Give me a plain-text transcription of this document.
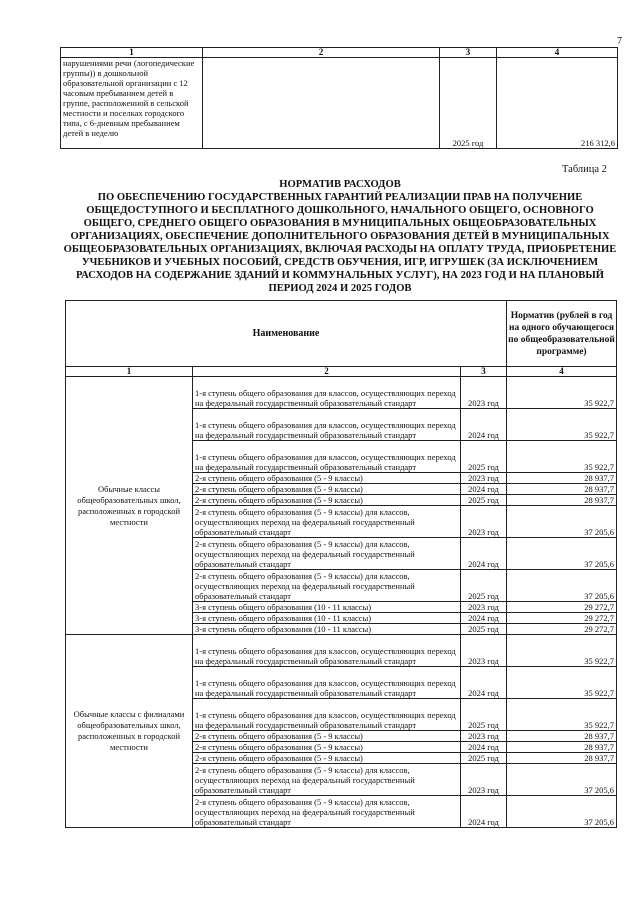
7
1	2	3	4
нарушениями речи (логопедические группы)) в дошкольной образовательной организации с 12 часовым пребыванием детей в группе, расположенной в сельской местности и поселках городского типа, с 6-дневным пребыванием детей в неделю		2025 год	216 312,6
Таблица 2
НОРМАТИВ РАСХОДОВ
ПО ОБЕСПЕЧЕНИЮ ГОСУДАРСТВЕННЫХ ГАРАНТИЙ РЕАЛИЗАЦИИ ПРАВ НА ПОЛУЧЕНИЕ ОБЩЕДОСТУПНОГО И БЕСПЛАТНОГО ДОШКОЛЬНОГО, НАЧАЛЬНОГО ОБЩЕГО, ОСНОВНОГО ОБЩЕГО, СРЕДНЕГО ОБЩЕГО ОБРАЗОВАНИЯ В МУНИЦИПАЛЬНЫХ ОБЩЕОБРАЗОВАТЕЛЬНЫХ ОРГАНИЗАЦИЯХ, ОБЕСПЕЧЕНИЕ ДОПОЛНИТЕЛЬНОГО ОБРАЗОВАНИЯ ДЕТЕЙ В МУНИЦИПАЛЬНЫХ ОБЩЕОБРАЗОВАТЕЛЬНЫХ ОРГАНИЗАЦИЯХ, ВКЛЮЧАЯ РАСХОДЫ НА ОПЛАТУ ТРУДА, ПРИОБРЕТЕНИЕ УЧЕБНИКОВ И УЧЕБНЫХ ПОСОБИЙ, СРЕДСТВ ОБУЧЕНИЯ, ИГР, ИГРУШЕК (ЗА ИСКЛЮЧЕНИЕМ РАСХОДОВ НА СОДЕРЖАНИЕ ЗДАНИЙ И КОММУНАЛЬНЫХ УСЛУГ), НА 2023 ГОД И НА ПЛАНОВЫЙ ПЕРИОД 2024 И 2025 ГОДОВ
Наименование			Норматив (рублей в год на одного обучающегося по общеобразовательной программе)
1	2	3	4
Обычные классы общеобразовательных школ, расположенных в городской местности	1-я ступень общего образования для классов, осуществляющих переход на федеральный государственный образовательный стандарт	2023 год	35 922,7
	1-я ступень общего образования для классов, осуществляющих переход на федеральный государственный образовательный стандарт	2024 год	35 922,7
	1-я ступень общего образования для классов, осуществляющих переход на федеральный государственный образовательный стандарт	2025 год	35 922,7
	2-я ступень общего образования (5 - 9 классы)	2023 год	28 937,7
	2-я ступень общего образования (5 - 9 классы)	2024 год	28 937,7
	2-я ступень общего образования (5 - 9 классы)	2025 год	28 937,7
	2-я ступень общего образования (5 - 9 классы) для классов, осуществляющих переход на федеральный государственный образовательный стандарт	2023 год	37 205,6
	2-я ступень общего образования (5 - 9 классы) для классов, осуществляющих переход на федеральный государственный образовательный стандарт	2024 год	37 205,6
	2-я ступень общего образования (5 - 9 классы) для классов, осуществляющих переход на федеральный государственный образовательный стандарт	2025 год	37 205,6
	3-я ступень общего образования (10 - 11 классы)	2023 год	29 272,7
	3-я ступень общего образования (10 - 11 классы)	2024 год	29 272,7
	3-я ступень общего образования (10 - 11 классы)	2025 год	29 272,7
Обычные классы с филиалами общеобразовательных школ, расположенных в городской местности	1-я ступень общего образования для классов, осуществляющих переход на федеральный государственный образовательный стандарт	2023 год	35 922,7
	1-я ступень общего образования для классов, осуществляющих переход на федеральный государственный образовательный стандарт	2024 год	35 922,7
	1-я ступень общего образования для классов, осуществляющих переход на федеральный государственный образовательный стандарт	2025 год	35 922,7
	2-я ступень общего образования (5 - 9 классы)	2023 год	28 937,7
	2-я ступень общего образования (5 - 9 классы)	2024 год	28 937,7
	2-я ступень общего образования (5 - 9 классы)	2025 год	28 937,7
	2-я ступень общего образования (5 - 9 классы) для классов, осуществляющих переход на федеральный государственный образовательный стандарт	2023 год	37 205,6
	2-я ступень общего образования (5 - 9 классы) для классов, осуществляющих переход на федеральный государственный образовательный стандарт	2024 год	37 205,6
